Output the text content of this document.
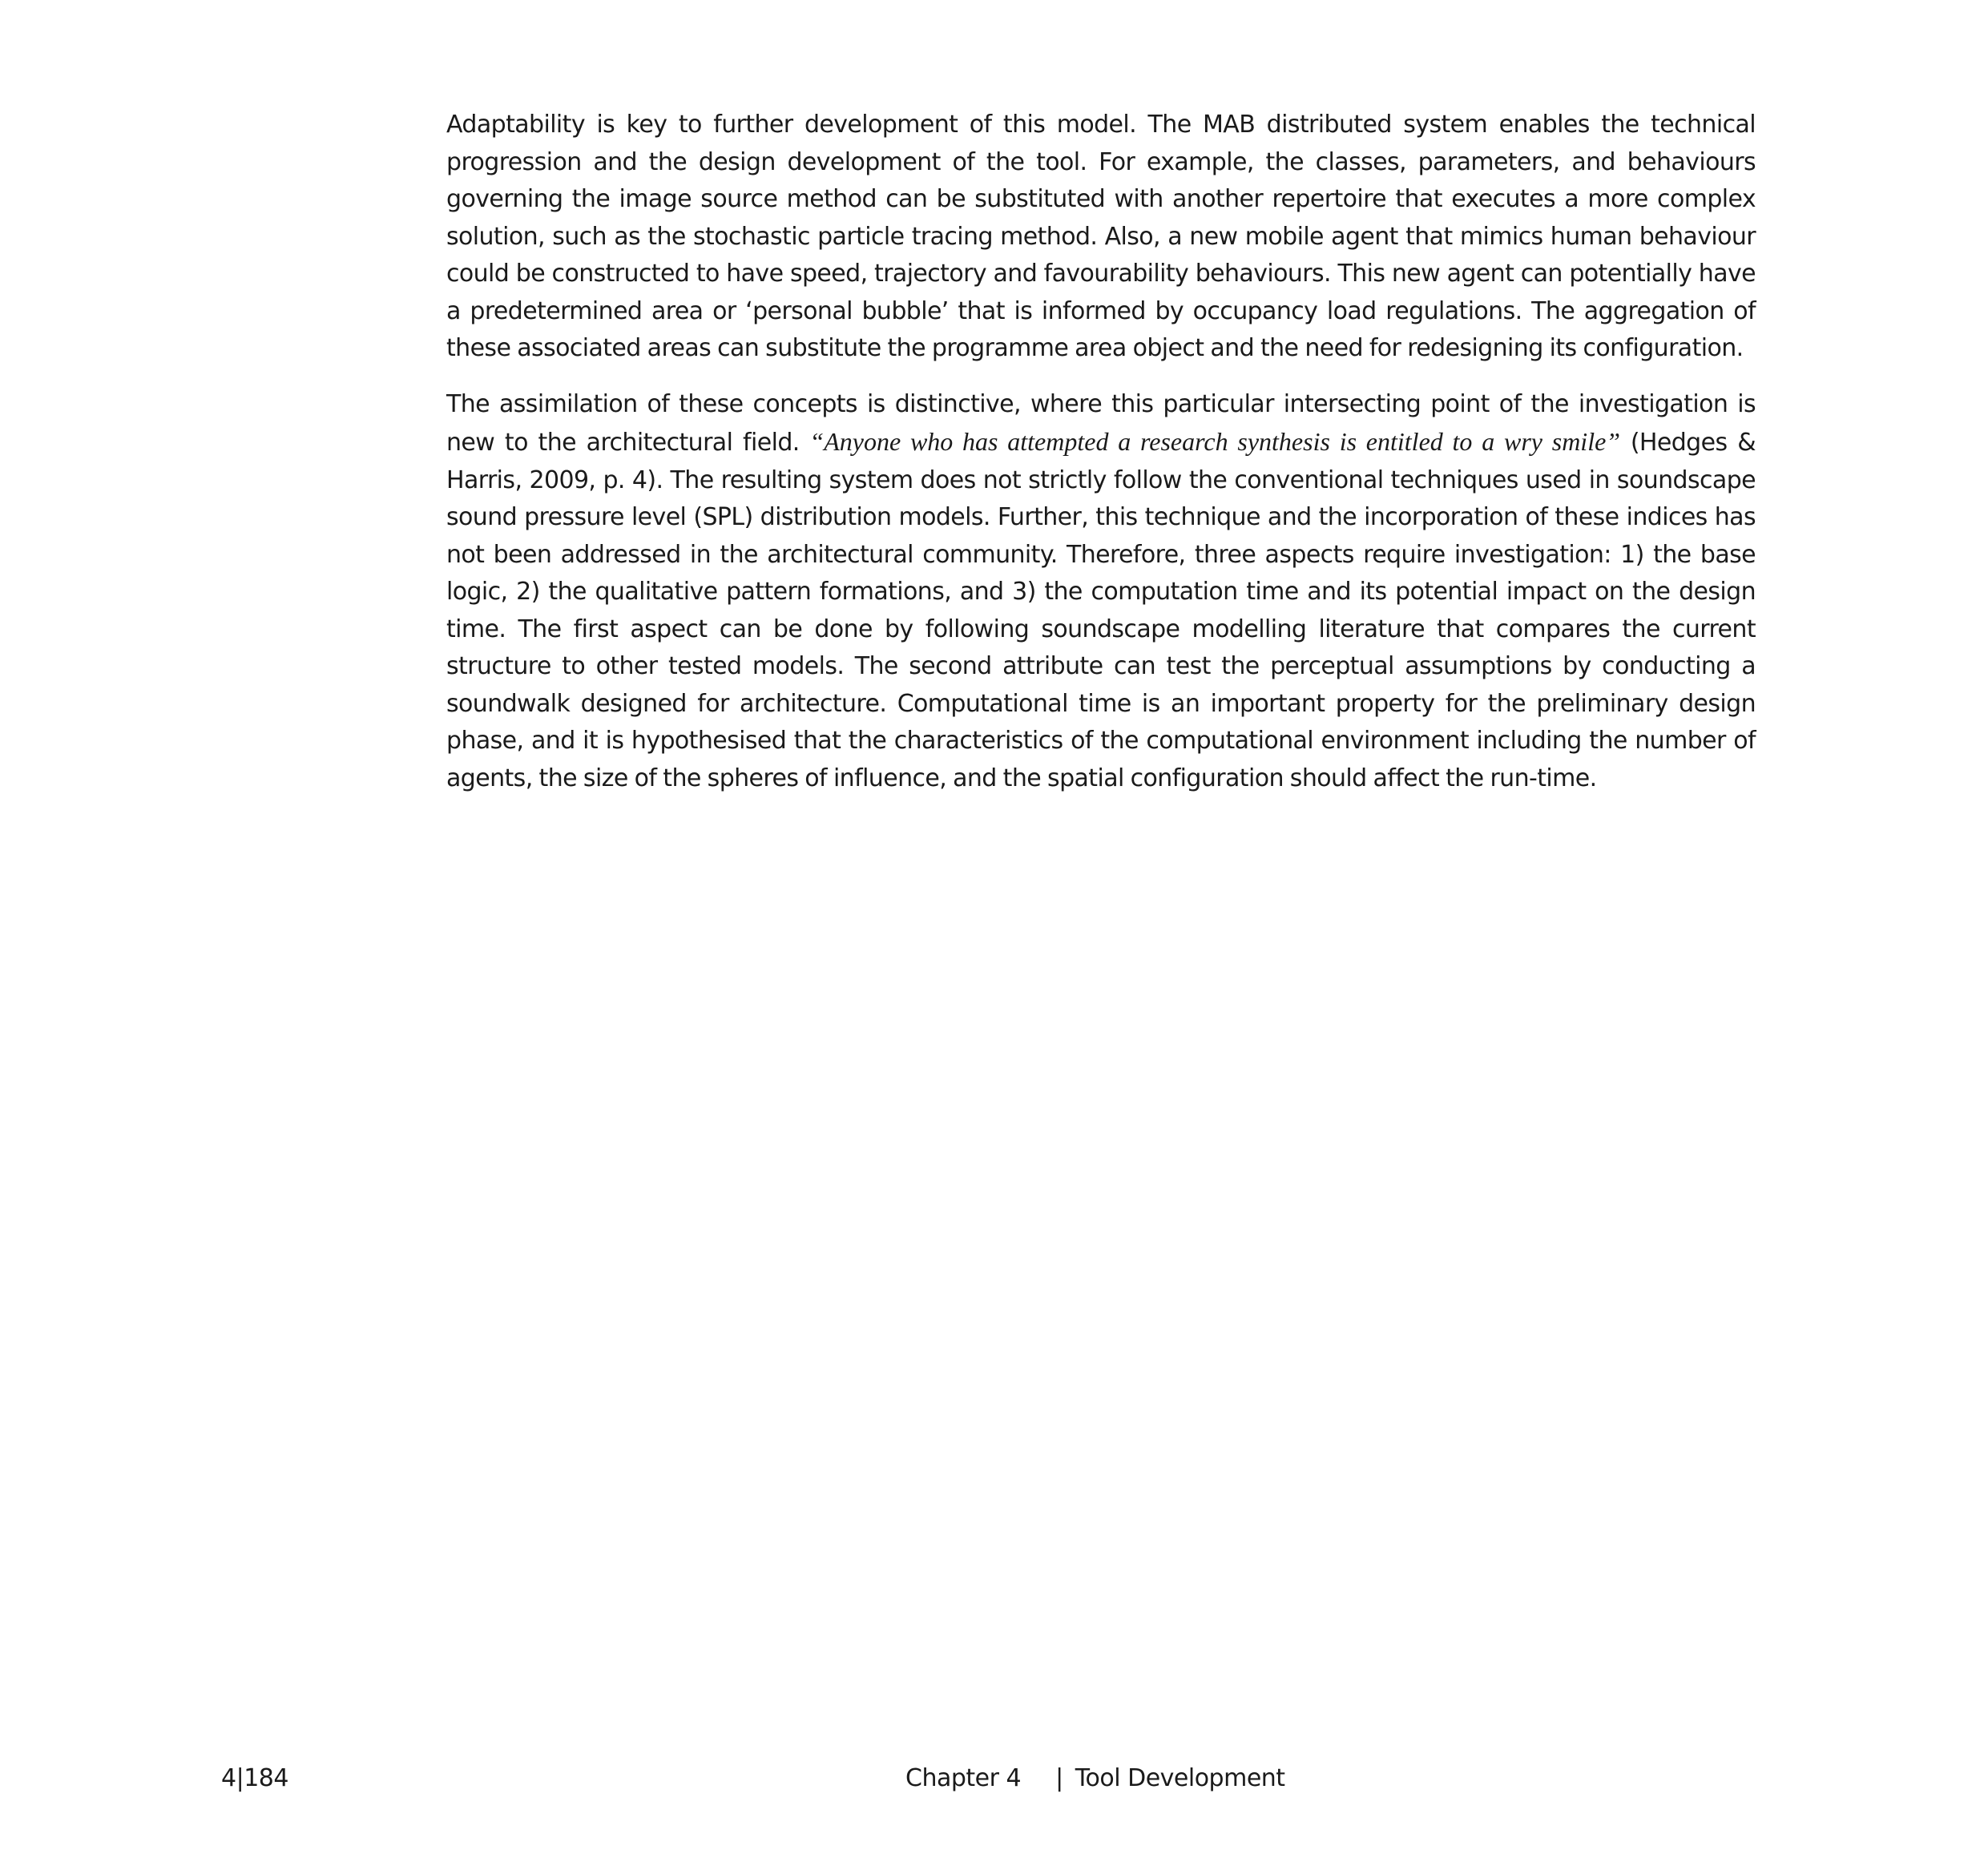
Adaptability is key to further development of this model. The MAB distributed system enables the technical progression and the design development of the tool. For example, the classes, parameters, and behaviours governing the image source method can be substituted with another repertoire that executes a more complex solution, such as the stochastic particle tracing method. Also, a new mobile agent that mimics human behaviour could be constructed to have speed, trajectory and favourability behaviours. This new agent can potentially have a predetermined area or ‘personal bubble’ that is informed by occupancy load regulations. The aggregation of these associated areas can substitute the programme area object and the need for redesigning its configuration.

The assimilation of these concepts is distinctive, where this particular intersecting point of the investigation is new to the architectural field. “Anyone who has attempted a research synthesis is entitled to a wry smile” (Hedges & Harris, 2009, p. 4). The resulting system does not strictly follow the conventional techniques used in soundscape sound pressure level (SPL) distribution models. Further, this technique and the incorporation of these indices has not been addressed in the architectural community. Therefore, three aspects require investigation: 1) the base logic, 2) the qualitative pattern formations, and 3) the computation time and its potential impact on the design time. The first aspect can be done by following soundscape modelling literature that compares the current structure to other tested models. The second attribute can test the perceptual assumptions by conducting a soundwalk designed for architecture. Computational time is an important property for the preliminary design phase, and it is hypothesised that the characteristics of the computational environment including the number of agents, the size of the spheres of influence, and the spatial configuration should affect the run-time.

4|184	Chapter 4 | Tool Development
